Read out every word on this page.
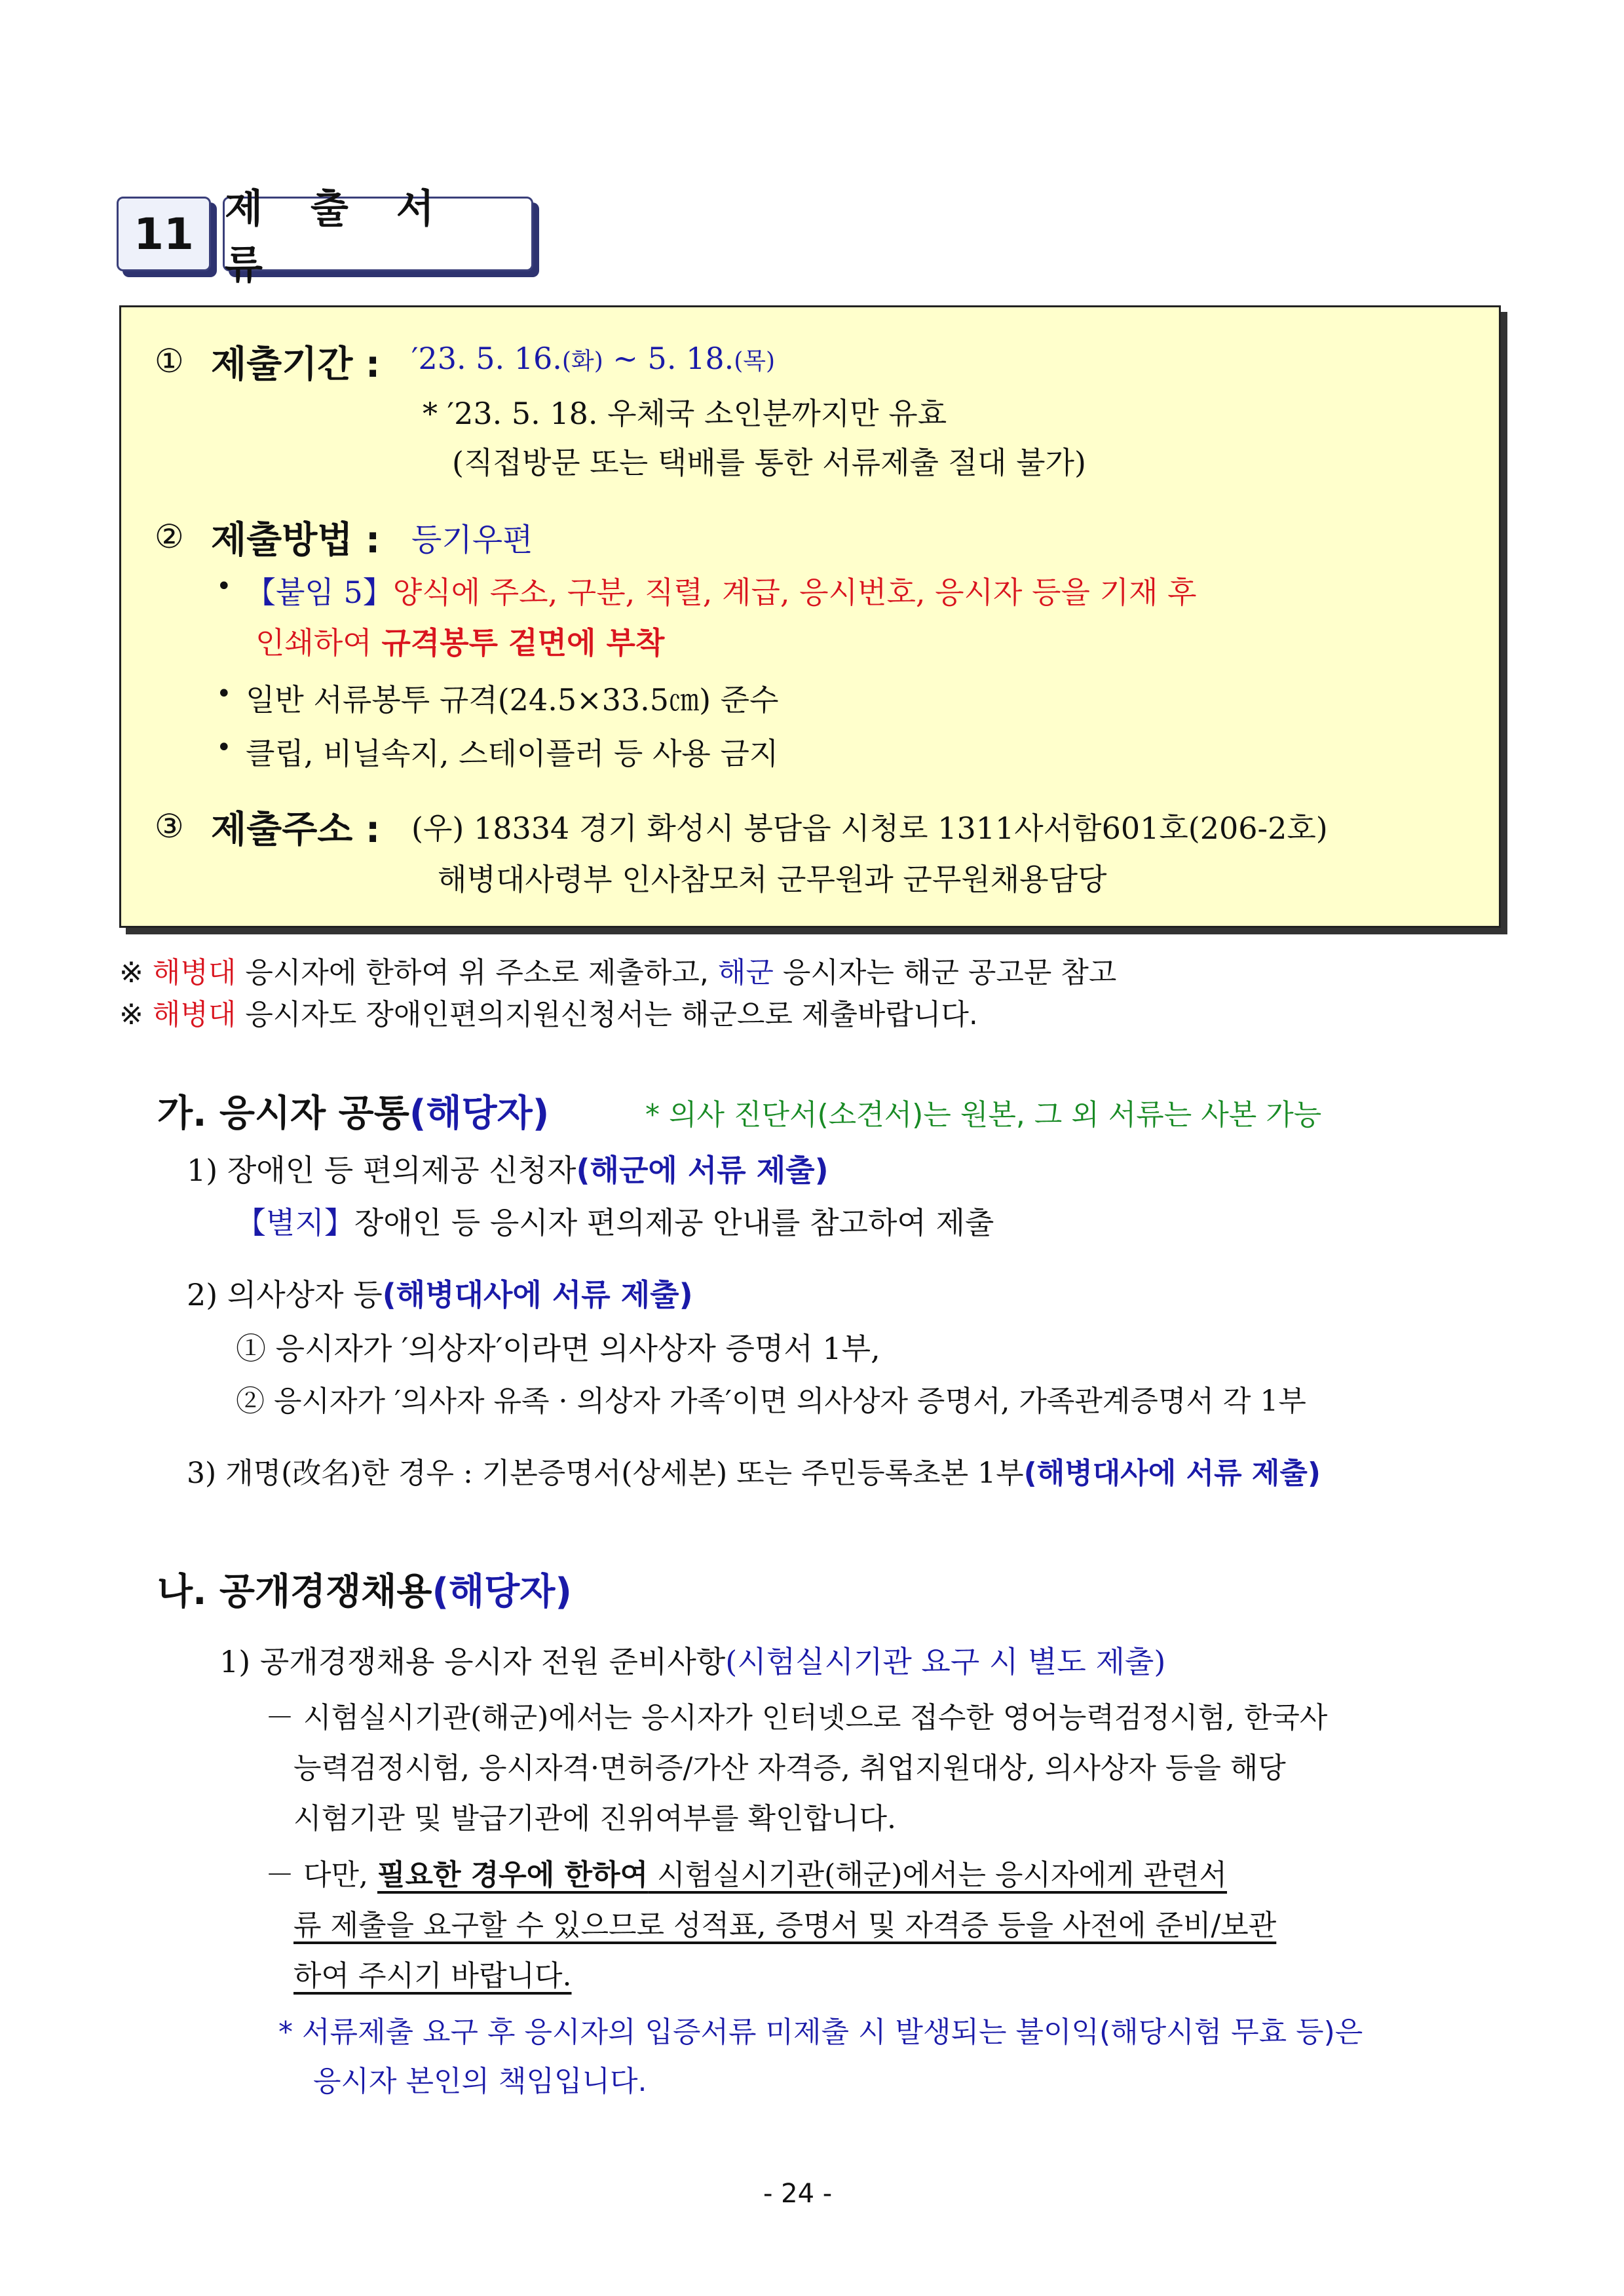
11 제 출 서 류
① 제출기간 : ′23. 5. 16.(화) ~ 5. 18.(목)
* ′23. 5. 18. 우체국 소인분까지만 유효
(직접방문 또는 택배를 통한 서류제출 절대 불가)
② 제출방법 : 등기우편
• 【붙임 5】양식에 주소, 구분, 직렬, 계급, 응시번호, 응시자 등을 기재 후
인쇄하여 규격봉투 겉면에 부착
• 일반 서류봉투 규격(24.5×33.5㎝) 준수
• 클립, 비닐속지, 스테이플러 등 사용 금지
③ 제출주소 : (우) 18334 경기 화성시 봉담읍 시청로 1311사서함601호(206-2호)
해병대사령부 인사참모처 군무원과 군무원채용담당
※ 해병대 응시자에 한하여 위 주소로 제출하고, 해군 응시자는 해군 공고문 참고
※ 해병대 응시자도 장애인편의지원신청서는 해군으로 제출바랍니다.
가. 응시자 공통(해당자)	* 의사 진단서(소견서)는 원본, 그 외 서류는 사본 가능
1) 장애인 등 편의제공 신청자(해군에 서류 제출)
【별지】장애인 등 응시자 편의제공 안내를 참고하여 제출
2) 의사상자 등(해병대사에 서류 제출)
① 응시자가 ′의상자′이라면 의사상자 증명서 1부,
② 응시자가 ′의사자 유족 · 의상자 가족′이면 의사상자 증명서, 가족관계증명서 각 1부
3) 개명(改名)한 경우 : 기본증명서(상세본) 또는 주민등록초본 1부(해병대사에 서류 제출)
나. 공개경쟁채용(해당자)
1) 공개경쟁채용 응시자 전원 준비사항(시험실시기관 요구 시 별도 제출)
－ 시험실시기관(해군)에서는 응시자가 인터넷으로 접수한 영어능력검정시험, 한국사
능력검정시험, 응시자격·면허증/가산 자격증, 취업지원대상, 의사상자 등을 해당
시험기관 및 발급기관에 진위여부를 확인합니다.
－ 다만, 필요한 경우에 한하여 시험실시기관(해군)에서는 응시자에게 관련서
류 제출을 요구할 수 있으므로 성적표, 증명서 및 자격증 등을 사전에 준비/보관
하여 주시기 바랍니다.
* 서류제출 요구 후 응시자의 입증서류 미제출 시 발생되는 불이익(해당시험 무효 등)은
응시자 본인의 책임입니다.
- 24 -
